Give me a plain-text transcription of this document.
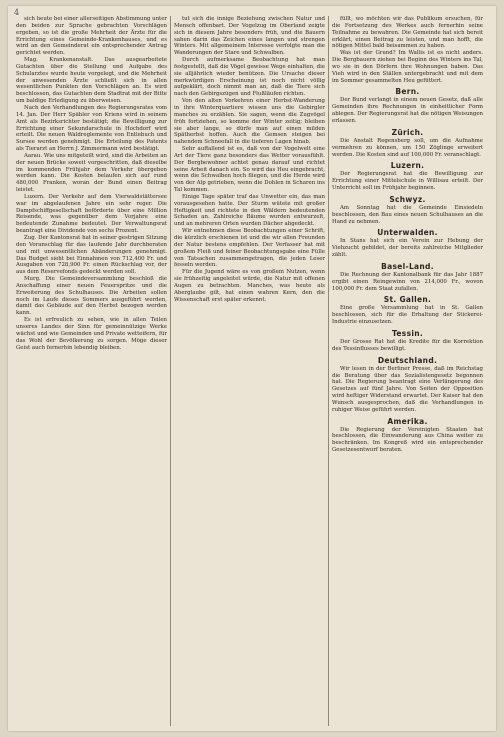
4

sich heute bei einer allerseitigen Abstimmung unter den beiden zur Sprache gebrachten Vorschlägen ergeben, so ist die große Mehrheit der Ärzte für die Errichtung eines Gemeinde-Krankenhauses, und es wird an den Gemeinderat ein entsprechender Antrag gerichtet werden.

Mag. Krankenanstalt. Das ausgearbeitete Gutachten über die Stellung und Aufgabe des Schularztes wurde heute vorgelegt, und die Mehrheit der anwesenden Ärzte schließt sich in allen wesentlichen Punkten den Vorschlägen an. Es wird beschlossen, das Gutachten dem Stadtrat mit der Bitte um baldige Erledigung zu überweisen.

Nach den Verhandlungen des Regierungsrates vom 14. Jan. Der Herr Spähler von Kriens wird in seinem Amt als Bezirksrichter bestätigt; die Bewilligung zur Errichtung einer Sekundarschule in Hochdorf wird erteilt. Die neuen Waldreglemente von Entlebuch und Sursee werden genehmigt. Die Erteilung des Patents als Tierarzt an Herrn J. Zimmermann wird bestätigt.

Aarau. Wie uns mitgeteilt wird, sind die Arbeiten an der neuen Brücke soweit vorgeschritten, daß dieselbe im kommenden Frühjahr dem Verkehr übergeben werden kann. Die Kosten belaufen sich auf rund 480,000 Franken, woran der Bund einen Beitrag leistet.

Luzern. Der Verkehr auf dem Vierwaldstättersee war im abgelaufenen Jahre ein sehr reger. Die Dampfschiffgesellschaft beförderte über eine Million Reisende, was gegenüber dem Vorjahre eine bedeutende Zunahme bedeutet. Der Verwaltungsrat beantragt eine Dividende von sechs Prozent.

Zug. Der Kantonsrat hat in seiner gestrigen Sitzung den Voranschlag für das laufende Jahr durchberaten und mit unwesentlichen Abänderungen genehmigt. Das Budget sieht bei Einnahmen von 712,400 Fr. und Ausgaben von 728,900 Fr. einen Rückschlag vor, der aus dem Reservefonds gedeckt werden soll.

Murg. Die Gemeindeversammlung beschloß die Anschaffung einer neuen Feuerspritze und die Erweiterung des Schulhauses. Die Arbeiten sollen noch im Laufe dieses Sommers ausgeführt werden, damit das Gebäude auf den Herbst bezogen werden kann.

Es ist erfreulich zu sehen, wie in allen Teilen unseres Landes der Sinn für gemeinnützige Werke wächst und wie Gemeinden und Private wetteifern, für das Wohl der Bevölkerung zu sorgen. Möge dieser Geist auch fernerhin lebendig bleiben.

tut sich die innige Beziehung zwischen Natur und Mensch offenbart. Der Vogelzug im Oberland zeigte sich in diesem Jahre besonders früh, und die Bauern sahen darin das Zeichen eines langen und strengen Winters. Mit allgemeinem Interesse verfolgte man die Wanderungen der Stare und Schwalben.

Durch aufmerksame Beobachtung hat man festgestellt, daß die Vögel gewisse Wege einhalten, die sie alljährlich wieder benützen. Die Ursache dieser merkwürdigen Erscheinung ist noch nicht völlig aufgeklärt, doch nimmt man an, daß die Tiere sich nach den Gebirgszügen und Flußläufen richten.

Von den alten Vorkehren einer Herbst-Wanderung in ihre Winterquartiere wissen uns die Gebirgler manches zu erzählen. Sie sagen, wenn die Zugvögel früh fortziehen, so komme der Winter zeitig; bleiben sie aber lange, so dürfe man auf einen milden Spätherbst hoffen. Auch die Gemsen steigen bei nahendem Schneefall in die tieferen Lagen hinab.

Sehr auffallend ist es, daß von der Vogelwelt eine Art der Tiere ganz besonders das Wetter vorausfühlt. Der Bergbewohner achtet genau darauf und richtet seine Arbeit danach ein. So wird das Heu eingebracht, wenn die Schwalben hoch fliegen, und die Herde wird von der Alp getrieben, wenn die Dohlen in Scharen ins Tal kommen.

Einige Tage später traf das Unwetter ein, das man vorausgesehen hatte. Der Sturm wütete mit großer Heftigkeit und richtete in den Wäldern bedeutenden Schaden an. Zahlreiche Bäume wurden entwurzelt, und an mehreren Orten wurden Dächer abgedeckt.

Wir entnehmen diese Beobachtungen einer Schrift, die kürzlich erschienen ist und die wir allen Freunden der Natur bestens empfehlen. Der Verfasser hat mit großem Fleiß und feiner Beobachtungsgabe eine Fülle von Tatsachen zusammengetragen, die jeden Leser fesseln werden.

Für die Jugend wäre es von großem Nutzen, wenn sie frühzeitig angeleitet würde, die Natur mit offenen Augen zu betrachten. Manches, was heute als Aberglaube gilt, hat einen wahren Kern, den die Wissenschaft erst später erkennt.

füllt, wo möchten wir das Publikum ersuchen, für die Fortsetzung des Werkes auch fernerhin seine Teilnahme zu bewahren. Die Gemeinde hat sich bereit erklärt, einen Beitrag zu leisten, und man hofft, die nötigen Mittel bald beisammen zu haben.

Was ist der Grund? Im Wallis ist es nicht anders. Die Bergbauern ziehen bei Beginn des Winters ins Tal, wo sie in den Dörfern ihre Wohnungen haben. Das Vieh wird in den Ställen untergebracht und mit dem im Sommer gesammelten Heu gefüttert.

Bern.

Der Bund verlangt in einem neuen Gesetz, daß alle Gemeinden ihre Rechnungen in einheitlicher Form ablegen. Der Regierungsrat hat die nötigen Weisungen erlassen.

Zürich.

Die Anstalt Regensberg soll, um die Aufnahme vermehren zu können, um 150 Zöglinge erweitert werden. Die Kosten sind auf 100,000 Fr. veranschlagt.

Luzern.

Der Regierungsrat hat die Bewilligung zur Errichtung einer Mittelschule in Willisau erteilt. Der Unterricht soll im Frühjahr beginnen.

Schwyz.

Am Sonntag hat die Gemeinde Einsiedeln beschlossen, den Bau eines neuen Schulhauses an die Hand zu nehmen.

Unterwalden.

In Stans hat sich ein Verein zur Hebung der Viehzucht gebildet, der bereits zahlreiche Mitglieder zählt.

Basel-Land.

Die Rechnung der Kantonalbank für das Jahr 1887 ergibt einen Reingewinn von 214,000 Fr., wovon 100,000 Fr. dem Staat zufallen.

St. Gallen.

Eine große Versammlung hat in St. Gallen beschlossen, sich für die Erhaltung der Stickerei-Industrie einzusetzen.

Tessin.

Der Grosse Rat hat die Kredite für die Korrektion des Tessinflusses bewilligt.

Deutschland.

Wir lesen in der Berliner Presse, daß im Reichstag die Beratung über das Sozialistengesetz begonnen hat. Die Regierung beantragt eine Verlängerung des Gesetzes auf fünf Jahre. Von Seiten der Opposition wird heftiger Widerstand erwartet. Der Kaiser hat den Wunsch ausgesprochen, daß die Verhandlungen in ruhiger Weise geführt werden.

Amerika.

Die Regierung der Vereinigten Staaten hat beschlossen, die Einwanderung aus China weiter zu beschränken. Im Kongreß wird ein entsprechender Gesetzesentwurf beraten.
